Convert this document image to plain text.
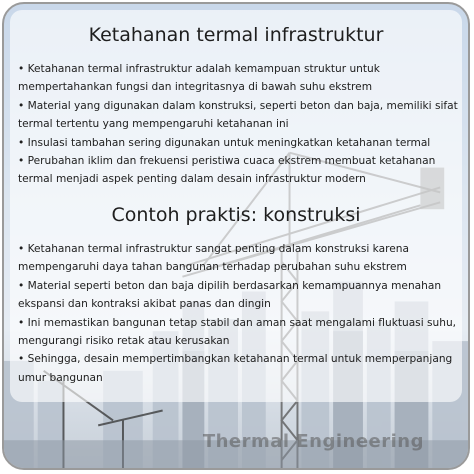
Ketahanan termal infrastruktur
• Ketahanan termal infrastruktur adalah kemampuan struktur untuk mempertahankan fungsi dan integritasnya di bawah suhu ekstrem
• Material yang digunakan dalam konstruksi, seperti beton dan baja, memiliki sifat termal tertentu yang mempengaruhi ketahanan ini
• Insulasi tambahan sering digunakan untuk meningkatkan ketahanan termal
• Perubahan iklim dan frekuensi peristiwa cuaca ekstrem membuat ketahanan termal menjadi aspek penting dalam desain infrastruktur modern
Contoh praktis: konstruksi
• Ketahanan termal infrastruktur sangat penting dalam konstruksi karena mempengaruhi daya tahan bangunan terhadap perubahan suhu ekstrem
• Material seperti beton dan baja dipilih berdasarkan kemampuannya menahan ekspansi dan kontraksi akibat panas dan dingin
• Ini memastikan bangunan tetap stabil dan aman saat mengalami fluktuasi suhu, mengurangi risiko retak atau kerusakan
• Sehingga, desain mempertimbangkan ketahanan termal untuk memperpanjang umur bangunan
Thermal Engineering
